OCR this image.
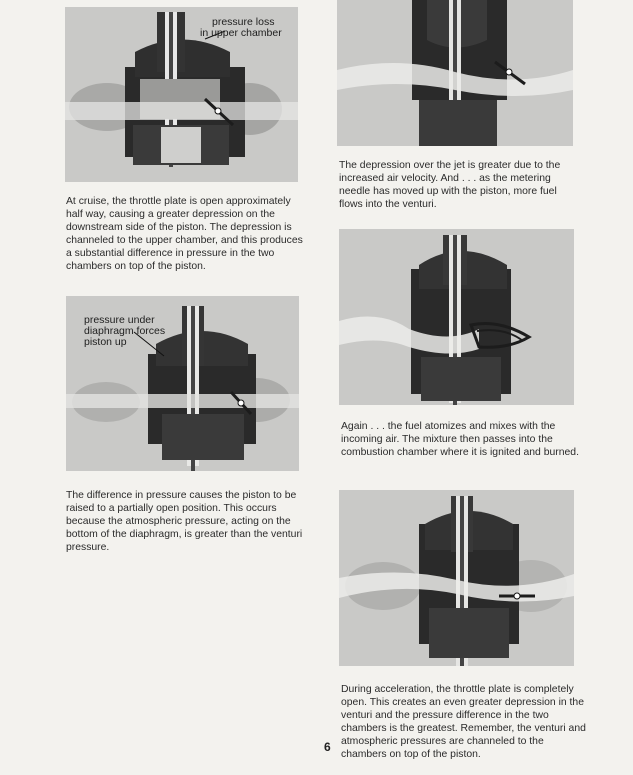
pressure loss
in upper chamber
At cruise, the throttle plate is open approximately half way, causing a greater depression on the downstream side of the piston. The depression is channeled to the upper chamber, and this produces a substantial difference in pressure in the two chambers on top of the piston.
The depression over the jet is greater due to the increased air velocity. And . . . as the metering needle has moved up with the piston, more fuel flows into the venturi.
pressure under
diaphragm forces
piston up
Again . . . the fuel atomizes and mixes with the incoming air. The mixture then passes into the combustion chamber where it is ignited and burned.
The difference in pressure causes the piston to be raised to a partially open position. This occurs because the atmospheric pressure, acting on the bottom of the diaphragm, is greater than the venturi pressure.
During acceleration, the throttle plate is completely open. This creates an even greater depression in the venturi and the pressure difference in the two chambers is the greatest. Remember, the venturi and atmospheric pressures are channeled to the chambers on top of the piston.
6
